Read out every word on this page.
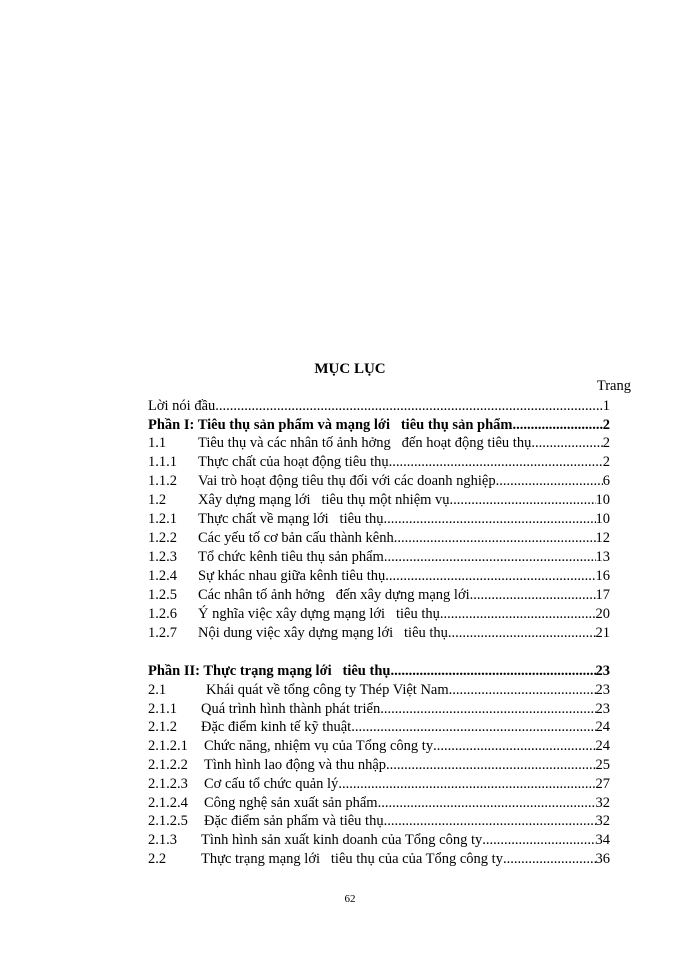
MỤC LỤC
Trang
Lời nói đầu .....	1
Phần I: Tiêu thụ sản phẩm và mạng lới   tiêu thụ sản phẩm .....	2
1.1	Tiêu thụ và các nhân tố ảnh hởng   đến hoạt động tiêu thụ .....	2
1.1.1	Thực chất của hoạt động tiêu thụ .....	2
1.1.2	Vai trò hoạt động tiêu thụ đối với các doanh nghiệp .....	6
1.2	Xây dựng mạng lới   tiêu thụ một nhiệm vụ .....	10
1.2.1	Thực chất về mạng lới   tiêu thụ .....	10
1.2.2	Các yếu tố cơ bản cấu thành kênh .....	12
1.2.3	Tổ chức kênh tiêu thụ sản phẩm .....	13
1.2.4	Sự khác nhau giữa kênh tiêu thụ .....	16
1.2.5	Các nhân tố ảnh hởng   đến xây dựng mạng lới .....	17
1.2.6	Ý nghĩa việc xây dựng mạng lới   tiêu thụ .....	20
1.2.7	Nội dung việc xây dựng mạng lới   tiêu thụ .....	21
Phần II: Thực trạng mạng lới   tiêu thụ .....	23
2.1	Khái quát về tổng công ty Thép Việt Nam .....	23
2.1.1	Quá trình hình thành phát triển .....	23
2.1.2	Đặc điểm kinh tế kỹ thuật .....	24
2.1.2.1	Chức năng, nhiệm vụ của Tổng công ty .....	24
2.1.2.2	Tình hình lao động và thu nhập .....	25
2.1.2.3	Cơ cấu tổ chức quản lý .....	27
2.1.2.4	Công nghệ sản xuất sản phẩm .....	32
2.1.2.5	Đặc điểm sản phẩm và tiêu thụ .....	32
2.1.3	Tình hình sản xuất kinh doanh của Tổng công ty .....	34
2.2	Thực trạng mạng lới   tiêu thụ của của Tổng công ty .....	36
62
